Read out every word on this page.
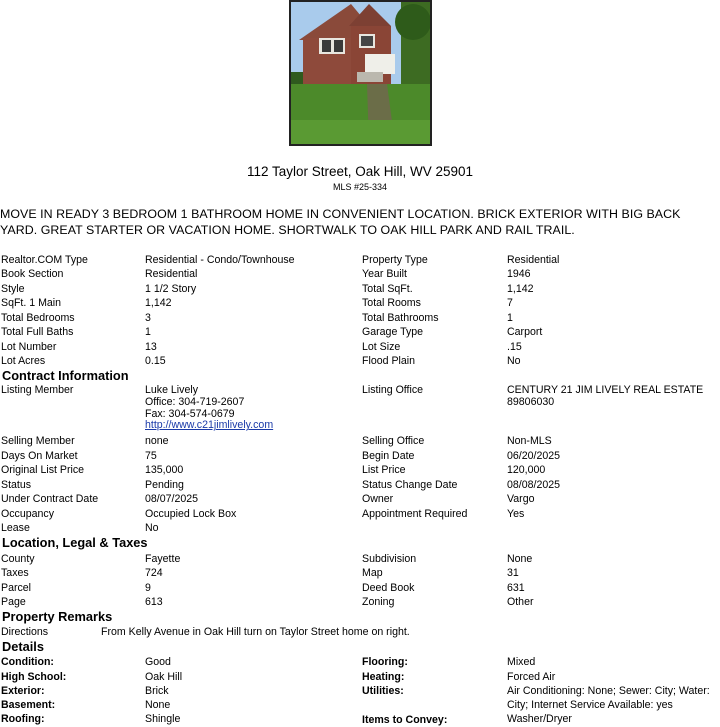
112 Taylor Street, Oak Hill, WV 25901
MLS #25-334
MOVE IN READY 3 BEDROOM 1 BATHROOM HOME IN CONVENIENT LOCATION. BRICK EXTERIOR WITH BIG BACK YARD. GREAT STARTER OR VACATION HOME. SHORTWALK TO OAK HILL PARK AND RAIL TRAIL.
Realtor.COM Type	Residential - Condo/Townhouse	Property Type	Residential
Book Section	Residential	Year Built	1946
Style	1 1/2 Story	Total SqFt.	1,142
SqFt. 1 Main	1,142	Total Rooms	7
Total Bedrooms	3	Total Bathrooms	1
Total Full Baths	1	Garage Type	Carport
Lot Number	13	Lot Size	.15
Lot Acres	0.15	Flood Plain	No
Contract Information
Listing Member	Luke Lively
Office: 304-719-2607
Fax: 304-574-0679
http://www.c21jimlively.com
Listing Office	CENTURY 21 JIM LIVELY REAL ESTATE
89806030
Selling Member	none	Selling Office	Non-MLS
Days On Market	75	Begin Date	06/20/2025
Original List Price	135,000	List Price	120,000
Status	Pending	Status Change Date	08/08/2025
Under Contract Date	08/07/2025	Owner	Vargo
Occupancy	Occupied Lock Box	Appointment Required	Yes
Lease	No
Location, Legal & Taxes
County	Fayette	Subdivision	None
Taxes	724	Map	31
Parcel	9	Deed Book	631
Page	613	Zoning	Other
Property Remarks
Directions	From Kelly Avenue in Oak Hill turn on Taylor Street home on right.
Details
Condition:	Good	Flooring:	Mixed
High School:	Oak Hill	Heating:	Forced Air
Exterior:	Brick	Utilities:	Air Conditioning: None; Sewer: City; Water:
Basement:	None	City; Internet Service Available: yes
Roofing:	Shingle	Items to Convey:	Washer/Dryer
